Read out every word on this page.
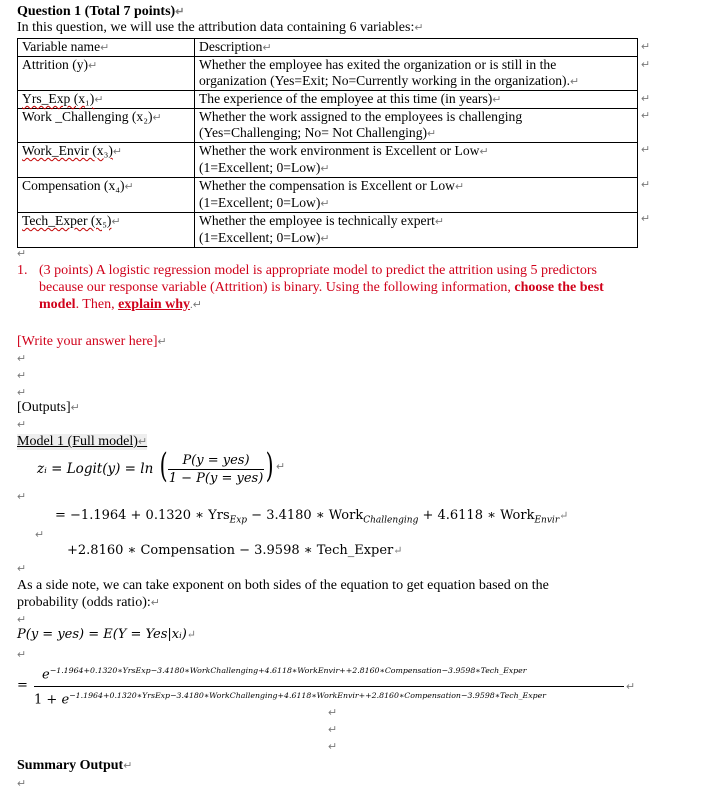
Question 1 (Total 7 points)↵
In this question, we will use the attribution data containing 6 variables:↵
Variable name↵	Description↵
Attrition (y)↵	Whether the employee has exited the organization or is still in the
organization (Yes=Exit; No=Currently working in the organization).↵
Yrs_Exp (x₁)↵	The experience of the employee at this time (in years)↵
Work _Challenging (x₂)↵	Whether the work assigned to the employees is challenging
(Yes=Challenging; No= Not Challenging)↵
Work_Envir (x₃)↵	Whether the work environment is Excellent or Low↵
(1=Excellent; 0=Low)↵
Compensation (x₄)↵	Whether the compensation is Excellent or Low↵
(1=Excellent; 0=Low)↵
Tech_Exper (x₅)↵	Whether the employee is technically expert↵
(1=Excellent; 0=Low)↵
↵
↵
↵
↵
↵
↵
↵
↵
1. (3 points) A logistic regression model is appropriate model to predict the attrition using 5 predictors
because our response variable (Attrition) is binary. Using the following information, choose the best
model. Then, explain why.↵
[Write your answer here]↵
↵
↵
↵
[Outputs]↵
↵
Model 1 (Full model)↵
zᵢ = Logit(y) = ln (	P(y = yes)
1 − P(y = yes) ) ↵
↵
= −1.1964 + 0.1320 ∗ Yrs$_{Exp}$ − 3.4180 ∗ Work$_{Challenging}$ + 4.6118 ∗ Work$_{Envir}$↵
↵
+2.8160 ∗ Compensation − 3.9598 ∗ Tech_Exper↵
↵
As a side note, we can take exponent on both sides of the equation to get equation based on the
probability (odds ratio):↵
↵
P(y = yes) = E(Y = Yes|xᵢ)↵
↵
=
$e^{-1.1964+0.1320∗YrsExp-3.4180∗WorkChallenging+4.6118∗WorkEnvir++2.8160∗Compensation-3.9598∗Tech\_Exper}$
$1 + e^{-1.1964+0.1320∗YrsExp-3.4180∗WorkChallenging+4.6118∗WorkEnvir++2.8160∗Compensation-3.9598∗Tech\_Exper}$
↵
↵
↵
↵
Summary Output↵
↵
